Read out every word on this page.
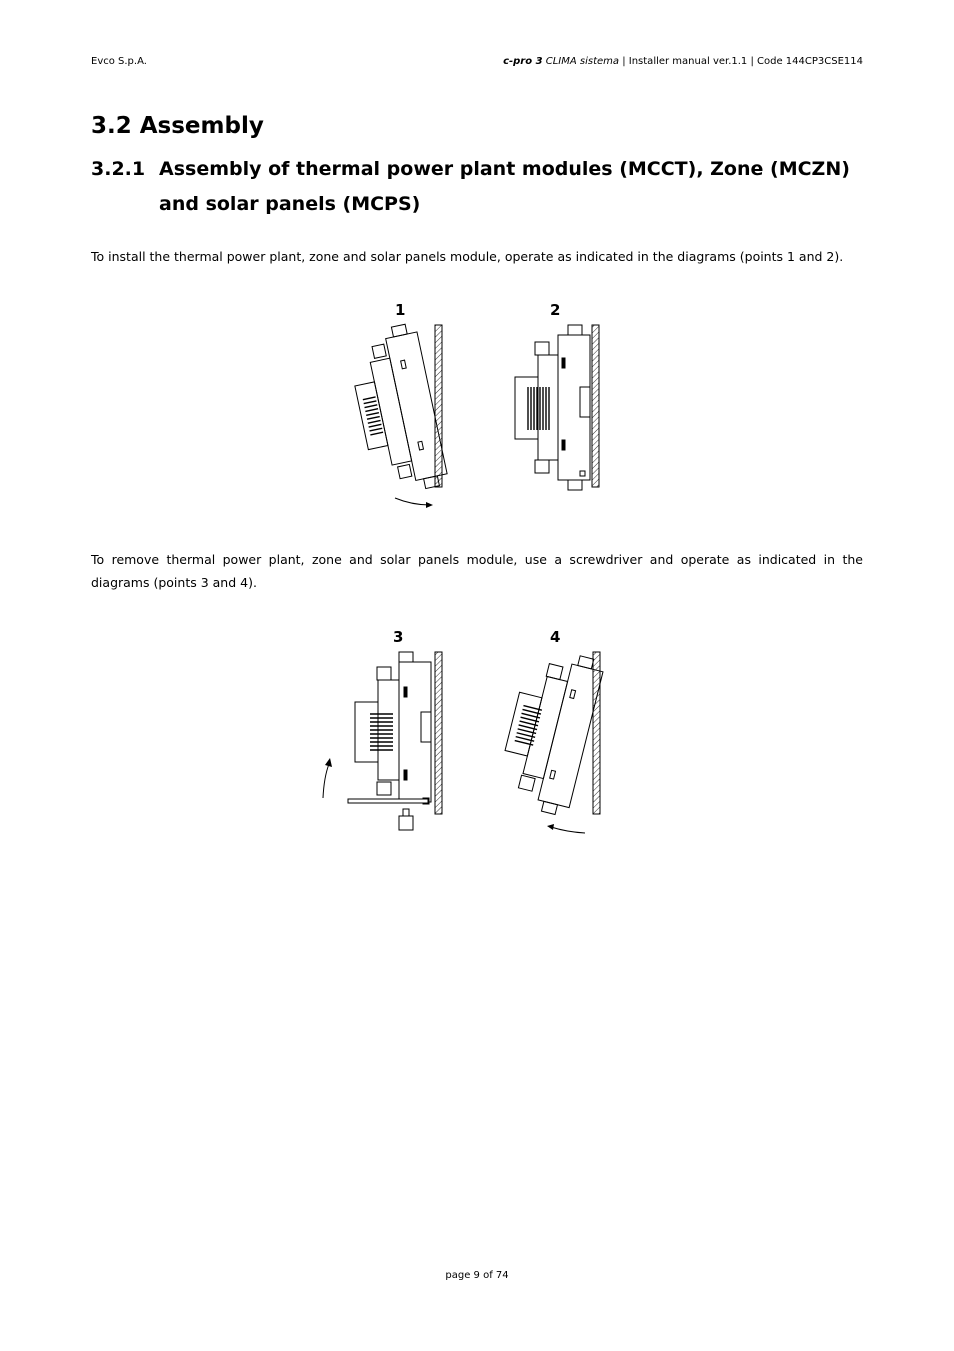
Evco S.p.A.	c-pro 3 CLIMA sistema | Installer manual ver.1.1 | Code 144CP3CSE114
3.2 Assembly
3.2.1 Assembly of thermal power plant modules (MCCT), Zone (MCZN)
and solar panels (MCPS)

To install the thermal power plant, zone and solar panels module, operate as indicated in the diagrams (points 1 and 2).

1	2

To remove thermal power plant, zone and solar panels module, use a screwdriver and operate as indicated in the diagrams (points 3 and 4).

3	4
page 9 of 74
